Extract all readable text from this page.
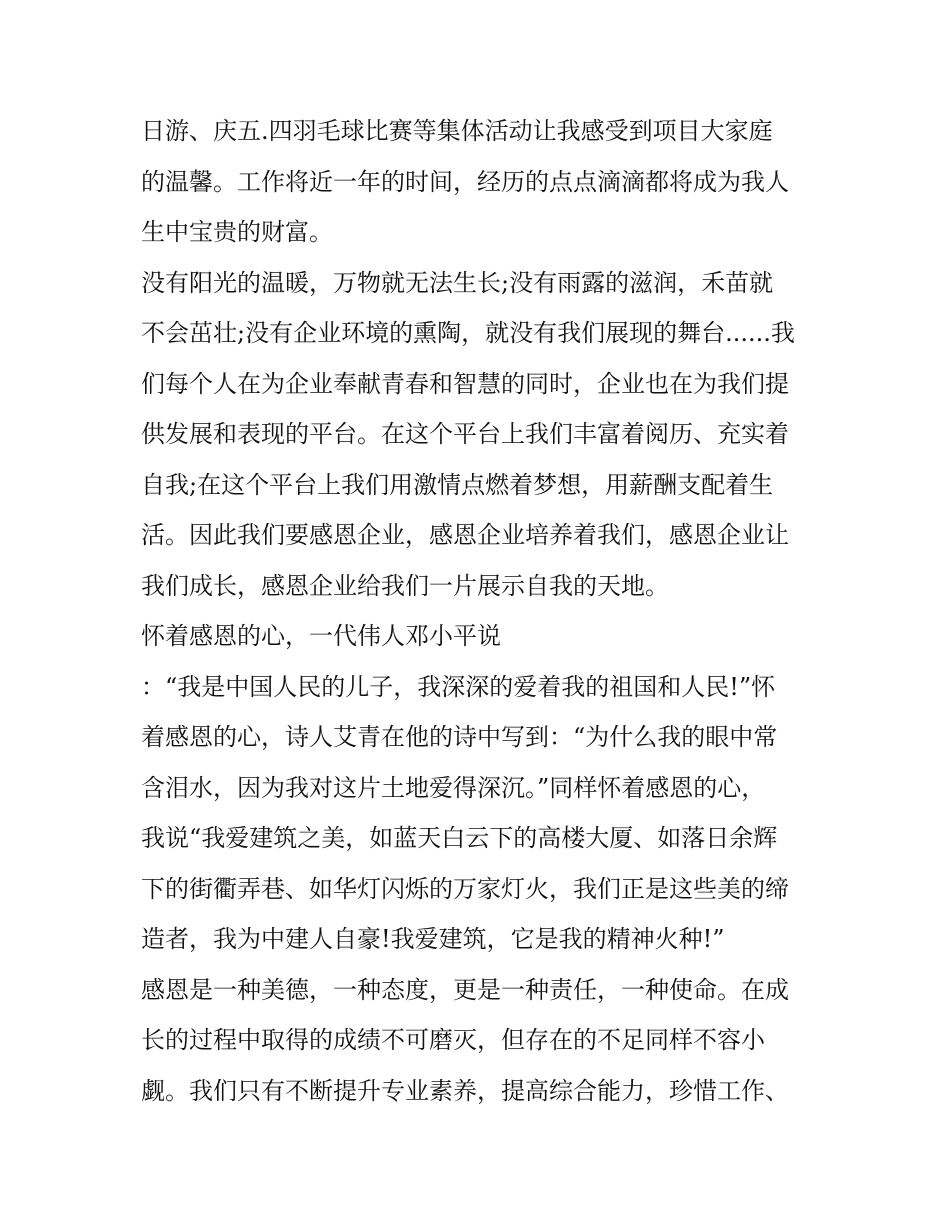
日游、庆五.四羽毛球比赛等集体活动让我感受到项目大家庭
的温馨。工作将近一年的时间，经历的点点滴滴都将成为我人
生中宝贵的财富。
没有阳光的温暖，万物就无法生长;没有雨露的滋润，禾苗就
不会茁壮;没有企业环境的熏陶，就没有我们展现的舞台......我
们每个人在为企业奉献青春和智慧的同时，企业也在为我们提
供发展和表现的平台。在这个平台上我们丰富着阅历、充实着
自我;在这个平台上我们用激情点燃着梦想，用薪酬支配着生
活。因此我们要感恩企业，感恩企业培养着我们，感恩企业让
我们成长，感恩企业给我们一片展示自我的天地。
怀着感恩的心，一代伟人邓小平说
：“我是中国人民的儿子，我深深的爱着我的祖国和人民!”怀
着感恩的心，诗人艾青在他的诗中写到：“为什么我的眼中常
含泪水，因为我对这片土地爱得深沉。”同样怀着感恩的心，
我说“我爱建筑之美，如蓝天白云下的高楼大厦、如落日余辉
下的街衢弄巷、如华灯闪烁的万家灯火，我们正是这些美的缔
造者，我为中建人自豪!我爱建筑，它是我的精神火种!”
感恩是一种美德，一种态度，更是一种责任，一种使命。在成
长的过程中取得的成绩不可磨灭，但存在的不足同样不容小
觑。我们只有不断提升专业素养，提高综合能力，珍惜工作、
